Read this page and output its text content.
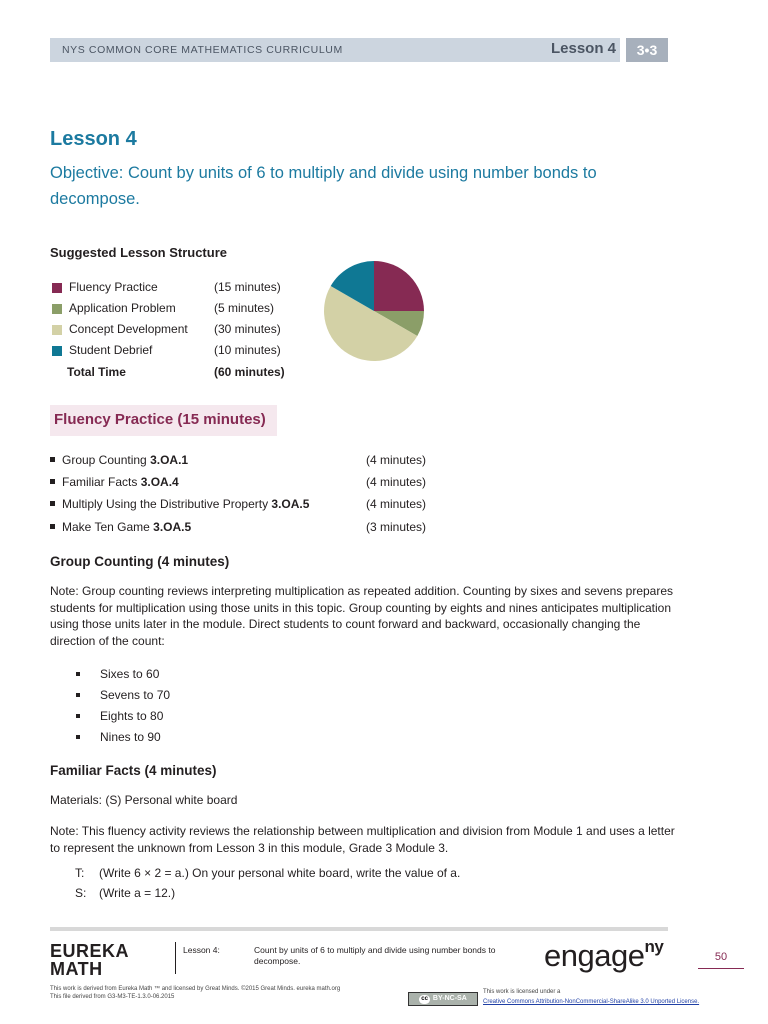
NYS COMMON CORE MATHEMATICS CURRICULUM	Lesson 4	3•3
Lesson 4
Objective: Count by units of 6 to multiply and divide using number bonds to decompose.
Suggested Lesson Structure
Fluency Practice	(15 minutes)
Application Problem	(5 minutes)
Concept Development (30 minutes)
Student Debrief	(10 minutes)
Total Time	(60 minutes)
Fluency Practice (15 minutes)
Group Counting 3.OA.1	(4 minutes)
Familiar Facts 3.OA.4	(4 minutes)
Multiply Using the Distributive Property 3.OA.5	(4 minutes)
Make Ten Game 3.OA.5	(3 minutes)
Group Counting (4 minutes)
Note: Group counting reviews interpreting multiplication as repeated addition. Counting by sixes and sevens prepares students for multiplication using those units in this topic. Group counting by eights and nines anticipates multiplication using those units later in the module. Direct students to count forward and backward, occasionally changing the direction of the count:
Sixes to 60
Sevens to 70
Eights to 80
Nines to 90
Familiar Facts (4 minutes)
Materials: (S) Personal white board
Note: This fluency activity reviews the relationship between multiplication and division from Module 1 and uses a letter to represent the unknown from Lesson 3 in this module, Grade 3 Module 3.
T: (Write 6 × 2 = a.) On your personal white board, write the value of a.
S: (Write a = 12.)
EUREKA
MATH
Lesson 4:	Count by units of 6 to multiply and divide using number bonds to decompose.	engage$^{ny}$
50
This work is derived from Eureka Math ™ and licensed by Great Minds. ©2015 Great Minds. eureka math.org
This file derived from G3-M3-TE-1.3.0-06.2015	cc BY-NC-SA
This work is licensed under a
Creative Commons Attribution-NonCommercial-ShareAlike 3.0 Unported License.
